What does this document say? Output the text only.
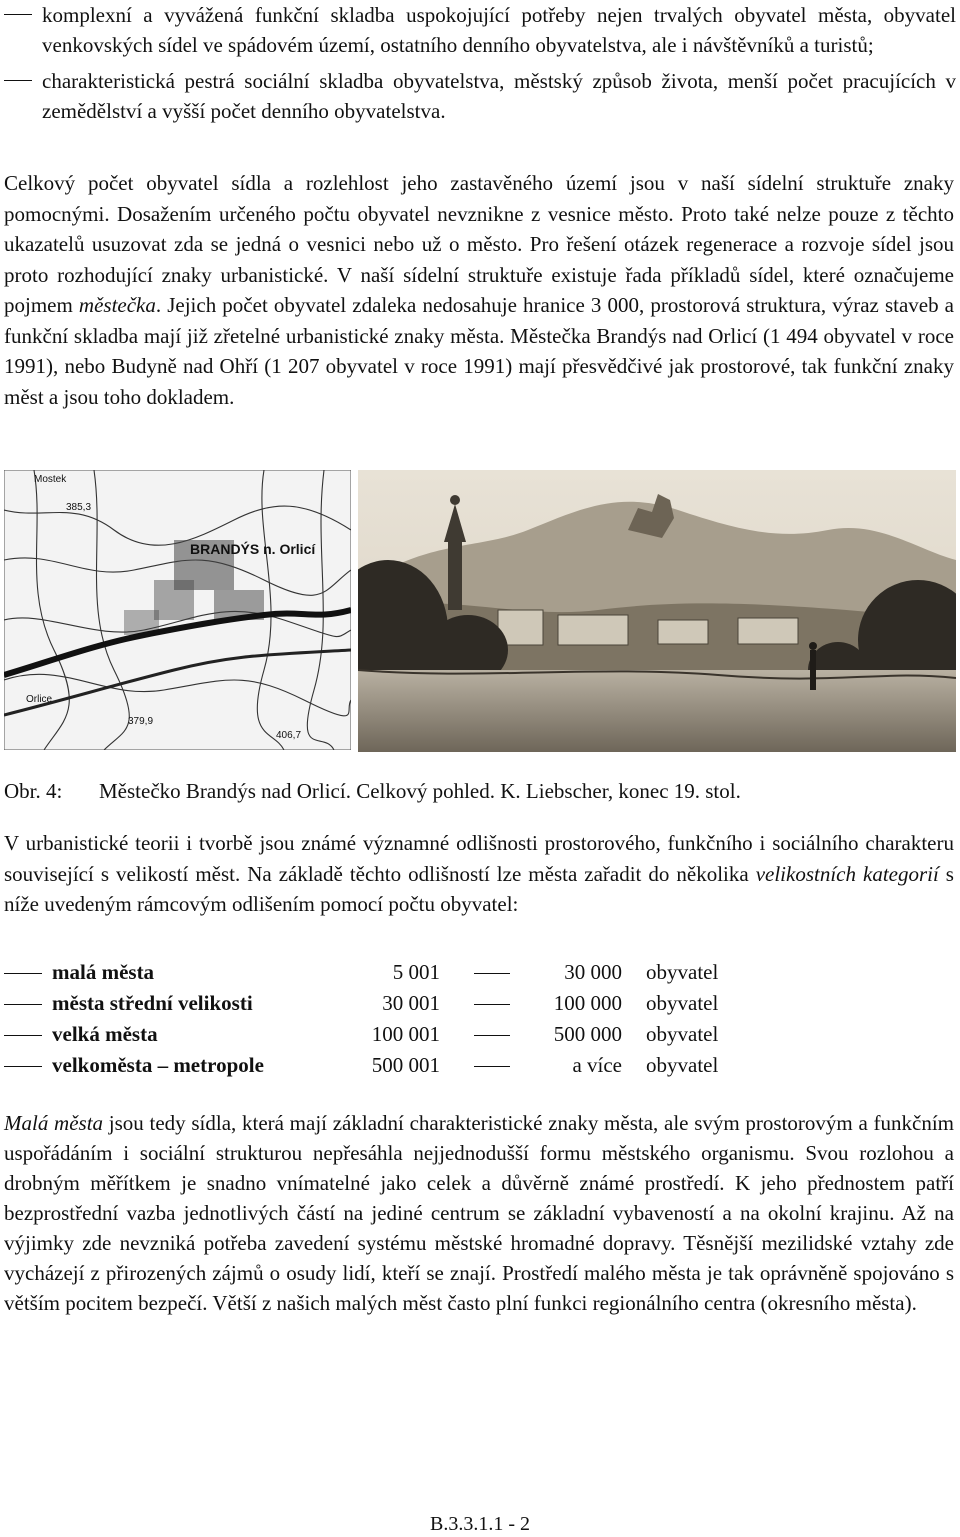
komplexní a vyvážená funkční skladba uspokojující potřeby nejen trvalých obyvatel města, obyvatel venkovských sídel ve spádovém území, ostatního denního obyvatelstva, ale i návštěvníků a turistů;
charakteristická pestrá sociální skladba obyvatelstva, městský způsob života, menší počet pracujících v zemědělství a vyšší počet denního obyvatelstva.

Celkový počet obyvatel sídla a rozlehlost jeho zastavěného území jsou v naší sídelní struktuře znaky pomocnými. Dosažením určeného počtu obyvatel nevznikne z vesnice město. Proto také nelze pouze z těchto ukazatelů usuzovat zda se jedná o vesnici nebo už o město. Pro řešení otázek regenerace a rozvoje sídel jsou proto rozhodující znaky urbanistické. V naší sídelní struktuře existuje řada příkladů sídel, které označujeme pojmem městečka. Jejich počet obyvatel zdaleka nedosahuje hranice 3 000, prostorová struktura, výraz staveb a funkční skladba mají již zřetelné urbanistické znaky města. Městečka Brandýs nad Orlicí (1 494 obyvatel v roce 1991), nebo Budyně nad Ohří (1 207 obyvatel v roce 1991) mají přesvědčivé jak prostorové, tak funkční znaky měst a jsou toho dokladem.

Mostek
385,3
BRANDÝS n. Orlicí
Orlice
379,9
406,7
Obr. 4: Městečko Brandýs nad Orlicí. Celkový pohled. K. Liebscher, konec 19. stol.

V urbanistické teorii i tvorbě jsou známé významné odlišnosti prostorového, funkčního i sociálního charakteru související s velikostí měst. Na základě těchto odlišností lze města zařadit do několika velikostních kategorií s níže uvedeným rámcovým odlišením pomocí počtu obyvatel:

malá města	5 001	30 000 obyvatel
města střední velikosti	30 001	100 000 obyvatel
velká města	100 001	500 000 obyvatel
velkoměsta – metropole	500 001	a více obyvatel

Malá města jsou tedy sídla, která mají základní charakteristické znaky města, ale svým prostorovým a funkčním uspořádáním i sociální strukturou nepřesáhla nejjednodušší formu městského organismu. Svou rozlohou a drobným měřítkem je snadno vnímatelné jako celek a důvěrně známé prostředí. K jeho přednostem patří bezprostřední vazba jednotlivých částí na jediné centrum se základní vybaveností a na okolní krajinu. Až na výjimky zde nevzniká potřeba zavedení systému městské hromadné dopravy. Těsnější mezilidské vztahy zde vycházejí z přirozených zájmů o osudy lidí, kteří se znají. Prostředí malého města je tak oprávněně spojováno s větším pocitem bezpečí. Větší z našich malých měst často plní funkci regionálního centra (okresního města).

B.3.3.1.1 - 2
